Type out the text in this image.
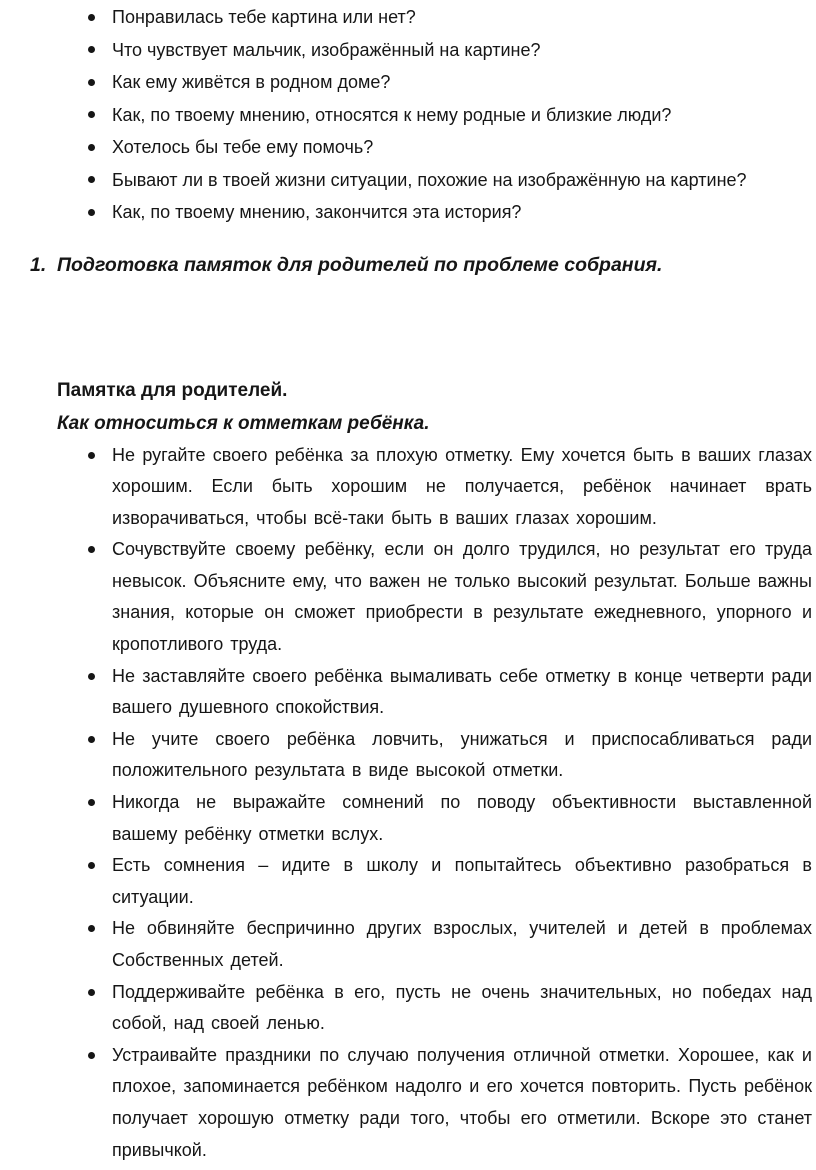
Понравилась тебе картина или нет?
Что чувствует мальчик, изображённый на картине?
Как ему живётся в родном доме?
Как, по твоему мнению, относятся к нему родные и близкие люди?
Хотелось бы тебе ему помочь?
Бывают ли в твоей жизни ситуации, похожие на изображённую на картине?
Как, по твоему мнению, закончится эта история?
1. Подготовка памяток для родителей по проблеме собрания.
Памятка для родителей.
Как относиться к отметкам ребёнка.
Не ругайте своего ребёнка за плохую отметку. Ему хочется быть в ваших глазах хорошим. Если быть хорошим не получается, ребёнок начинает врать изворачиваться, чтобы всё-таки быть в ваших глазах хорошим.
Сочувствуйте своему ребёнку, если он долго трудился, но результат его труда невысок. Объясните ему, что важен не только высокий результат. Больше важны знания, которые он сможет приобрести в результате ежедневного, упорного и кропотливого труда.
Не заставляйте своего ребёнка вымаливать себе отметку в конце четверти ради вашего душевного спокойствия.
Не учите своего ребёнка ловчить, унижаться и приспосабливаться ради положительного результата в виде высокой отметки.
Никогда не выражайте сомнений по поводу объективности выставленной вашему ребёнку отметки вслух.
Есть сомнения – идите в школу и попытайтесь объективно разобраться в ситуации.
Не обвиняйте беспричинно других взрослых, учителей и детей в проблемах Собственных детей.
Поддерживайте ребёнка в его, пусть не очень значительных, но победах над собой, над своей ленью.
Устраивайте праздники по случаю получения отличной отметки. Хорошее, как и плохое, запоминается ребёнком надолго и его хочется повторить. Пусть ребёнок получает хорошую отметку ради того, чтобы его отметили. Вскоре это станет привычкой.
